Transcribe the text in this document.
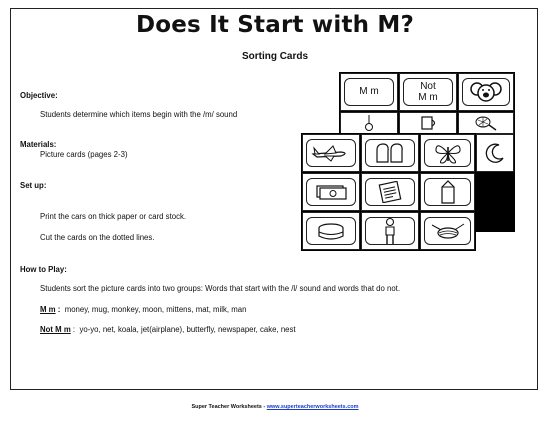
Does It Start with M?
Sorting Cards
Objective:
Students determine which items begin with the /m/ sound
Materials:
Picture cards (pages 2-3)
Set up:
Print the cars on thick paper or card stock.
Cut the cards on the dotted lines.
How to Play:
Students sort the picture cards into two groups: Words that start with the /l/ sound and words that do not.
M m : money, mug, monkey, moon, mittens, mat, milk, man
Not M m : yo-yo, net, koala, jet(airplane), butterfly, newspaper, cake, nest
M m	Not
M m
Super Teacher Worksheets - www.superteacherworksheets.com
